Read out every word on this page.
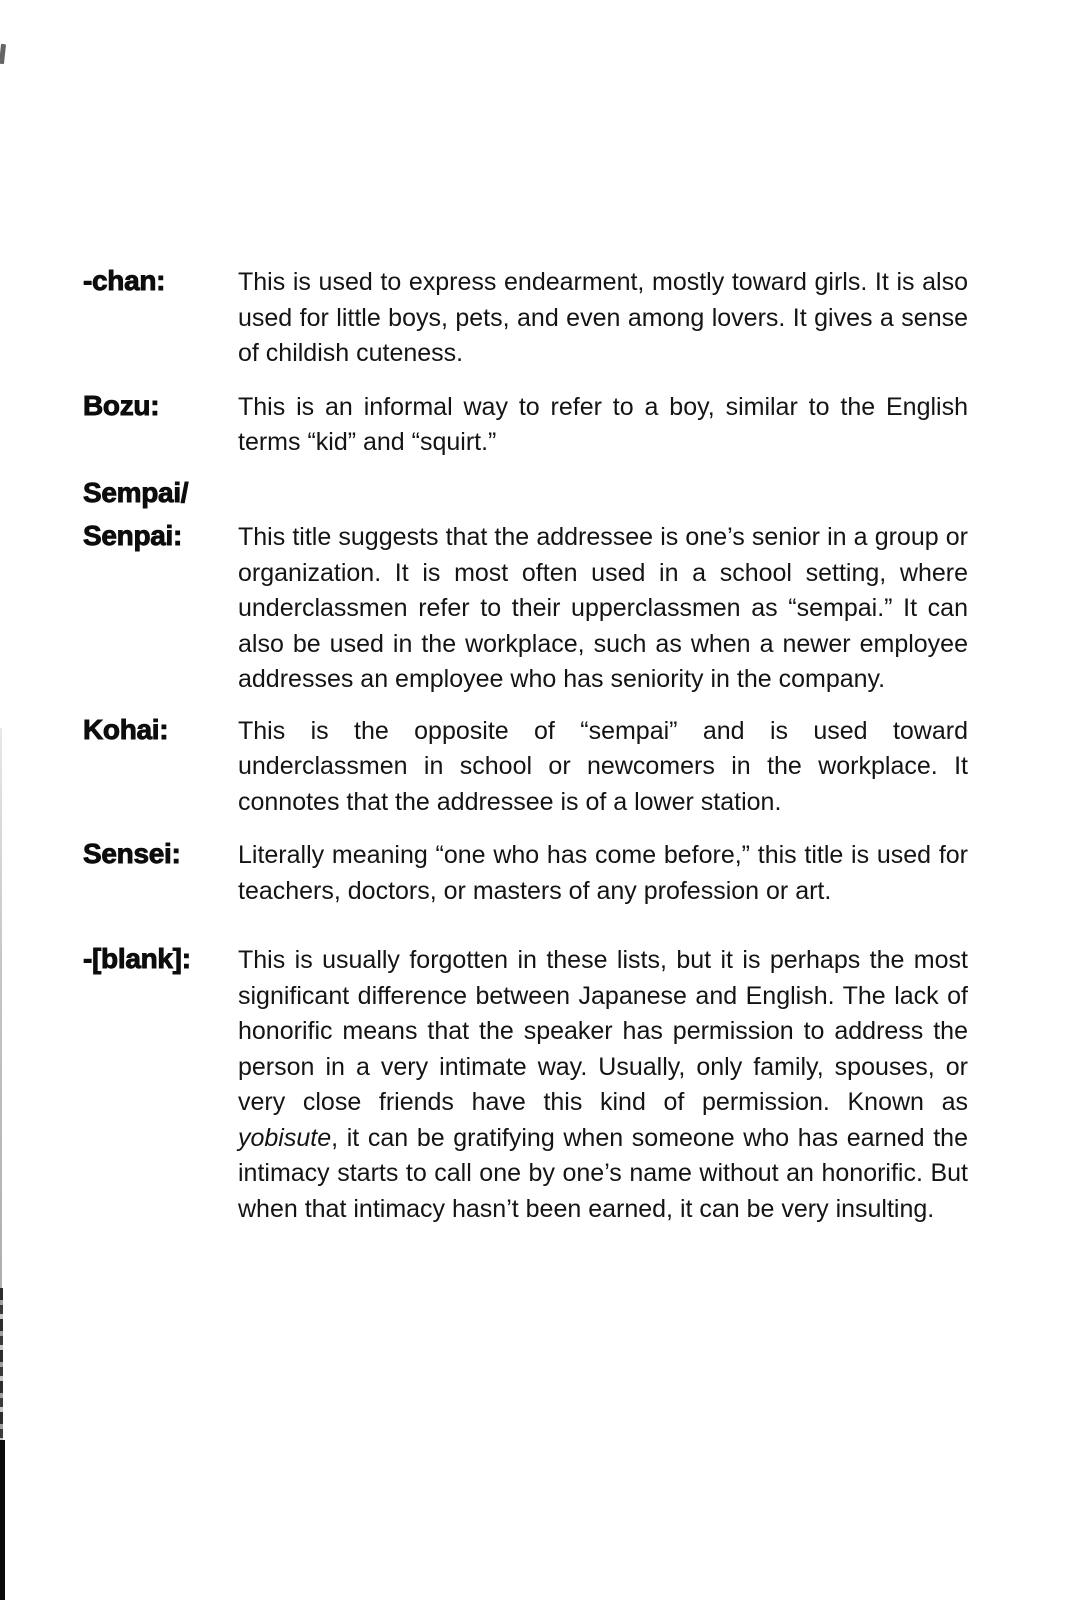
-chan:	This is used to express endearment, mostly toward girls. It is also used for little boys, pets, and even among lovers. It gives a sense of childish cuteness.

Bozu:	This is an informal way to refer to a boy, similar to the English terms “kid” and “squirt.”

Sempai/
Senpai:	This title suggests that the addressee is one’s senior in a group or organization. It is most often used in a school setting, where underclassmen refer to their upperclassmen as “sempai.” It can also be used in the workplace, such as when a newer employee addresses an employee who has seniority in the company.

Kohai:	This is the opposite of “sempai” and is used toward underclassmen in school or newcomers in the workplace. It connotes that the addressee is of a lower station.

Sensei:	Literally meaning “one who has come before,” this title is used for teachers, doctors, or masters of any profession or art.

-[blank]:	This is usually forgotten in these lists, but it is perhaps the most significant difference between Japanese and English. The lack of honorific means that the speaker has permission to address the person in a very intimate way. Usually, only family, spouses, or very close friends have this kind of permission. Known as yobisute, it can be gratifying when someone who has earned the intimacy starts to call one by one’s name without an honorific. But when that intimacy hasn’t been earned, it can be very insulting.
